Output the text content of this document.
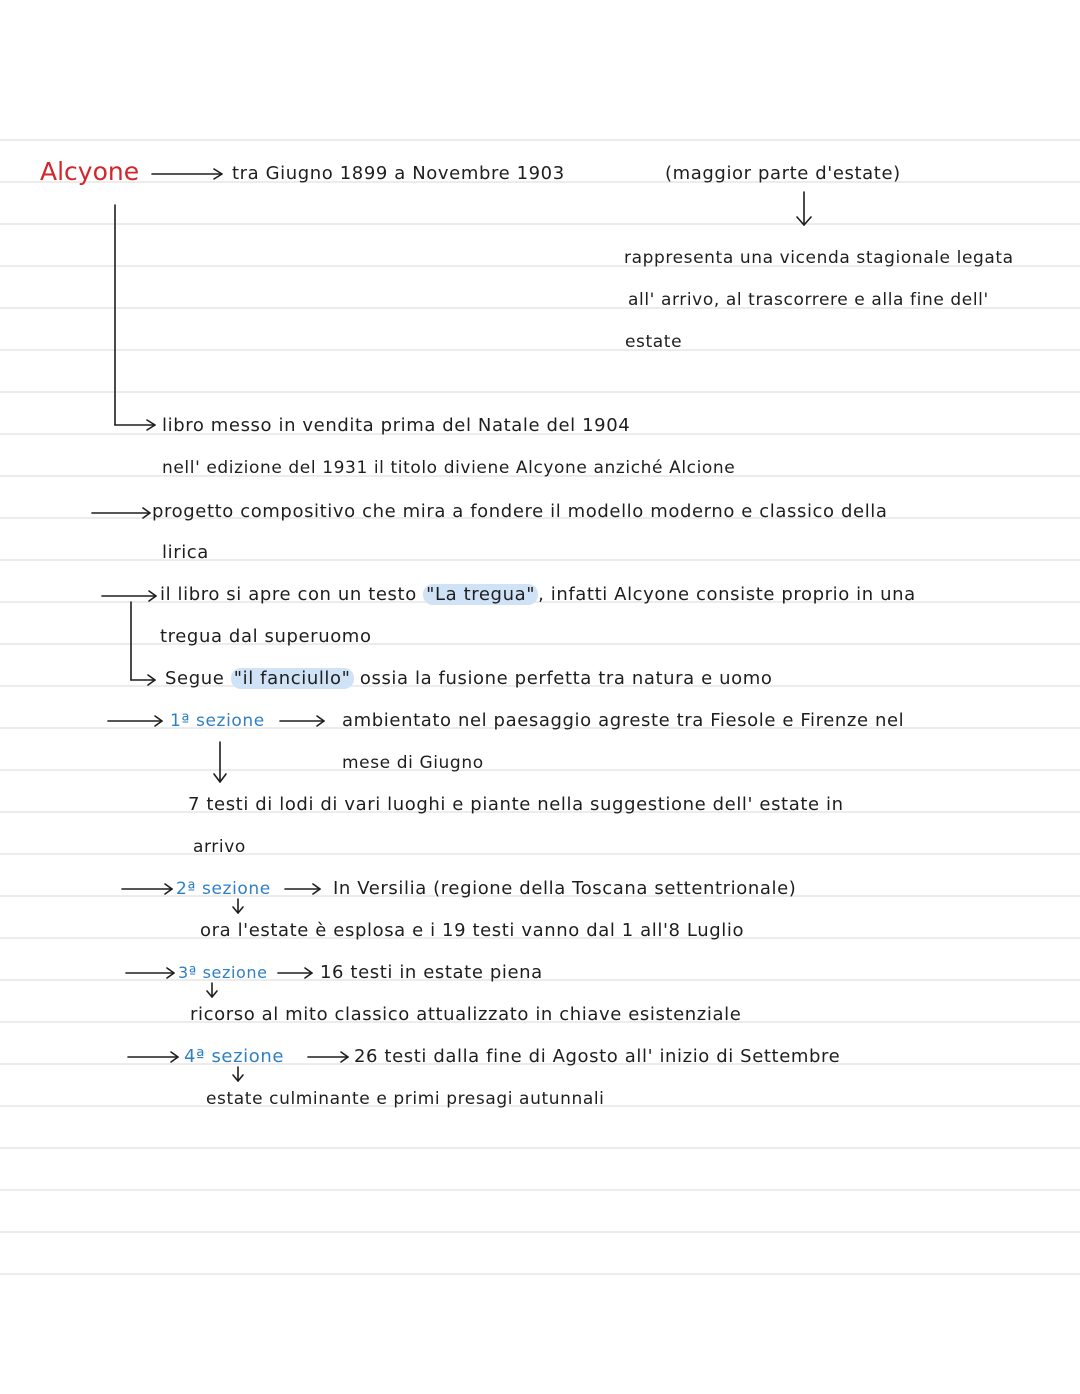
Alcyone	tra Giugno 1899 a Novembre 1903	(maggior parte d'estate)
rappresenta una vicenda stagionale legata
all' arrivo, al trascorrere e alla fine dell'
estate
libro messo in vendita prima del Natale del 1904
nell' edizione del 1931 il titolo diviene Alcyone anziché Alcione
progetto compositivo che mira a fondere il modello moderno e classico della
lirica
il libro si apre con un testo "La tregua" , infatti Alcyone consiste proprio in una
tregua dal superuomo
Segue "il fanciullo" ossia la fusione perfetta tra natura e uomo
1ª sezione	ambientato nel paesaggio agreste tra Fiesole e Firenze nel
mese di Giugno
7 testi di lodi di vari luoghi e piante nella suggestione dell' estate in
arrivo
2ª sezione	In Versilia (regione della Toscana settentrionale)
ora l'estate è esplosa e i 19 testi vanno dal 1 all'8 Luglio
3ª sezione	16 testi in estate piena
ricorso al mito classico attualizzato in chiave esistenziale
4ª sezione	26 testi dalla fine di Agosto all' inizio di Settembre
estate culminante e primi presagi autunnali
